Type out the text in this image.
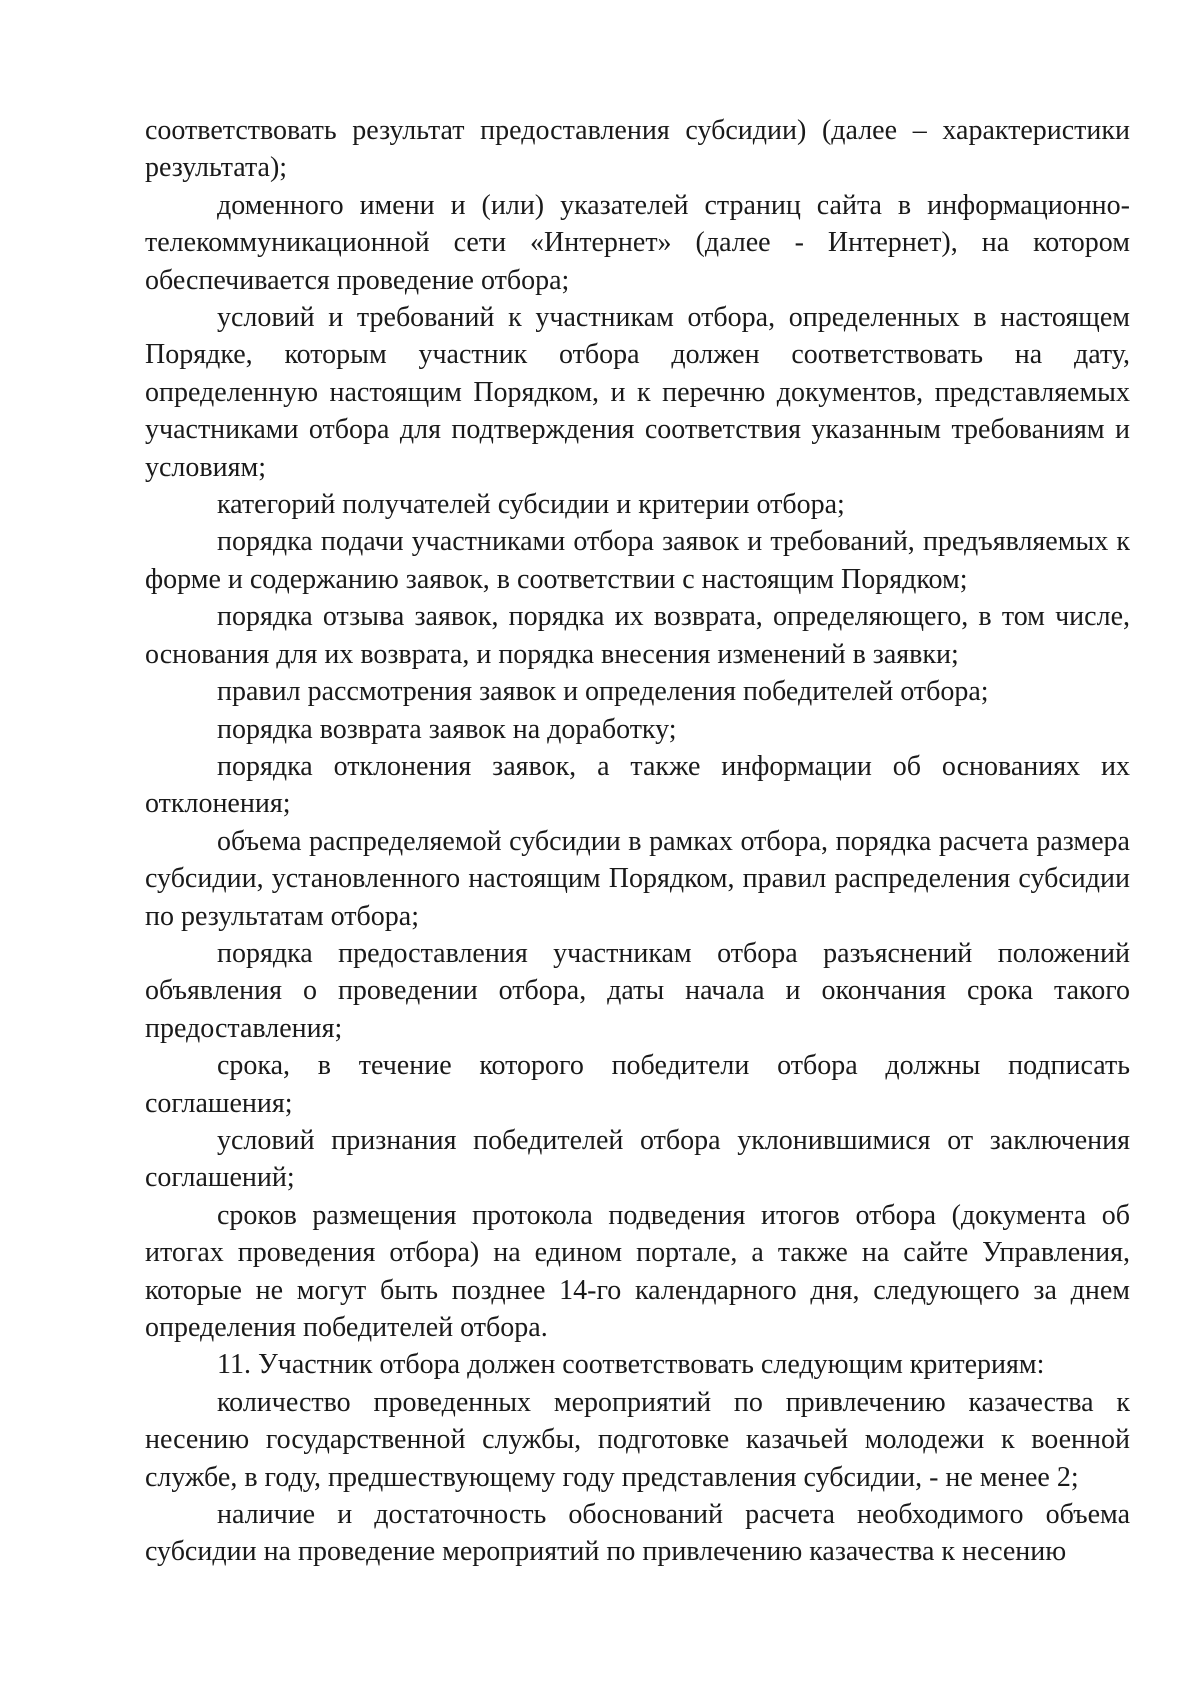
соответствовать результат предоставления субсидии) (далее – характеристики результата);

доменного имени и (или) указателей страниц сайта в информационно-телекоммуникационной сети «Интернет» (далее - Интернет), на котором обеспечивается проведение отбора;

условий и требований к участникам отбора, определенных в настоящем Порядке, которым участник отбора должен соответствовать на дату, определенную настоящим Порядком, и к перечню документов, представляемых участниками отбора для подтверждения соответствия указанным требованиям и условиям;

категорий получателей субсидии и критерии отбора;

порядка подачи участниками отбора заявок и требований, предъявляемых к форме и содержанию заявок, в соответствии с настоящим Порядком;

порядка отзыва заявок, порядка их возврата, определяющего, в том числе, основания для их возврата, и порядка внесения изменений в заявки;

правил рассмотрения заявок и определения победителей отбора;

порядка возврата заявок на доработку;

порядка отклонения заявок, а также информации об основаниях их отклонения;

объема распределяемой субсидии в рамках отбора, порядка расчета размера субсидии, установленного настоящим Порядком, правил распределения субсидии по результатам отбора;

порядка предоставления участникам отбора разъяснений положений объявления о проведении отбора, даты начала и окончания срока такого предоставления;

срока, в течение которого победители отбора должны подписать соглашения;

условий признания победителей отбора уклонившимися от заключения соглашений;

сроков размещения протокола подведения итогов отбора (документа об итогах проведения отбора) на едином портале, а также на сайте Управления, которые не могут быть позднее 14-го календарного дня, следующего за днем определения победителей отбора.

11. Участник отбора должен соответствовать следующим критериям:

количество проведенных мероприятий по привлечению казачества к несению государственной службы, подготовке казачьей молодежи к военной службе, в году, предшествующему году представления субсидии, - не менее 2;

наличие и достаточность обоснований расчета необходимого объема субсидии на проведение мероприятий по привлечению казачества к несению
